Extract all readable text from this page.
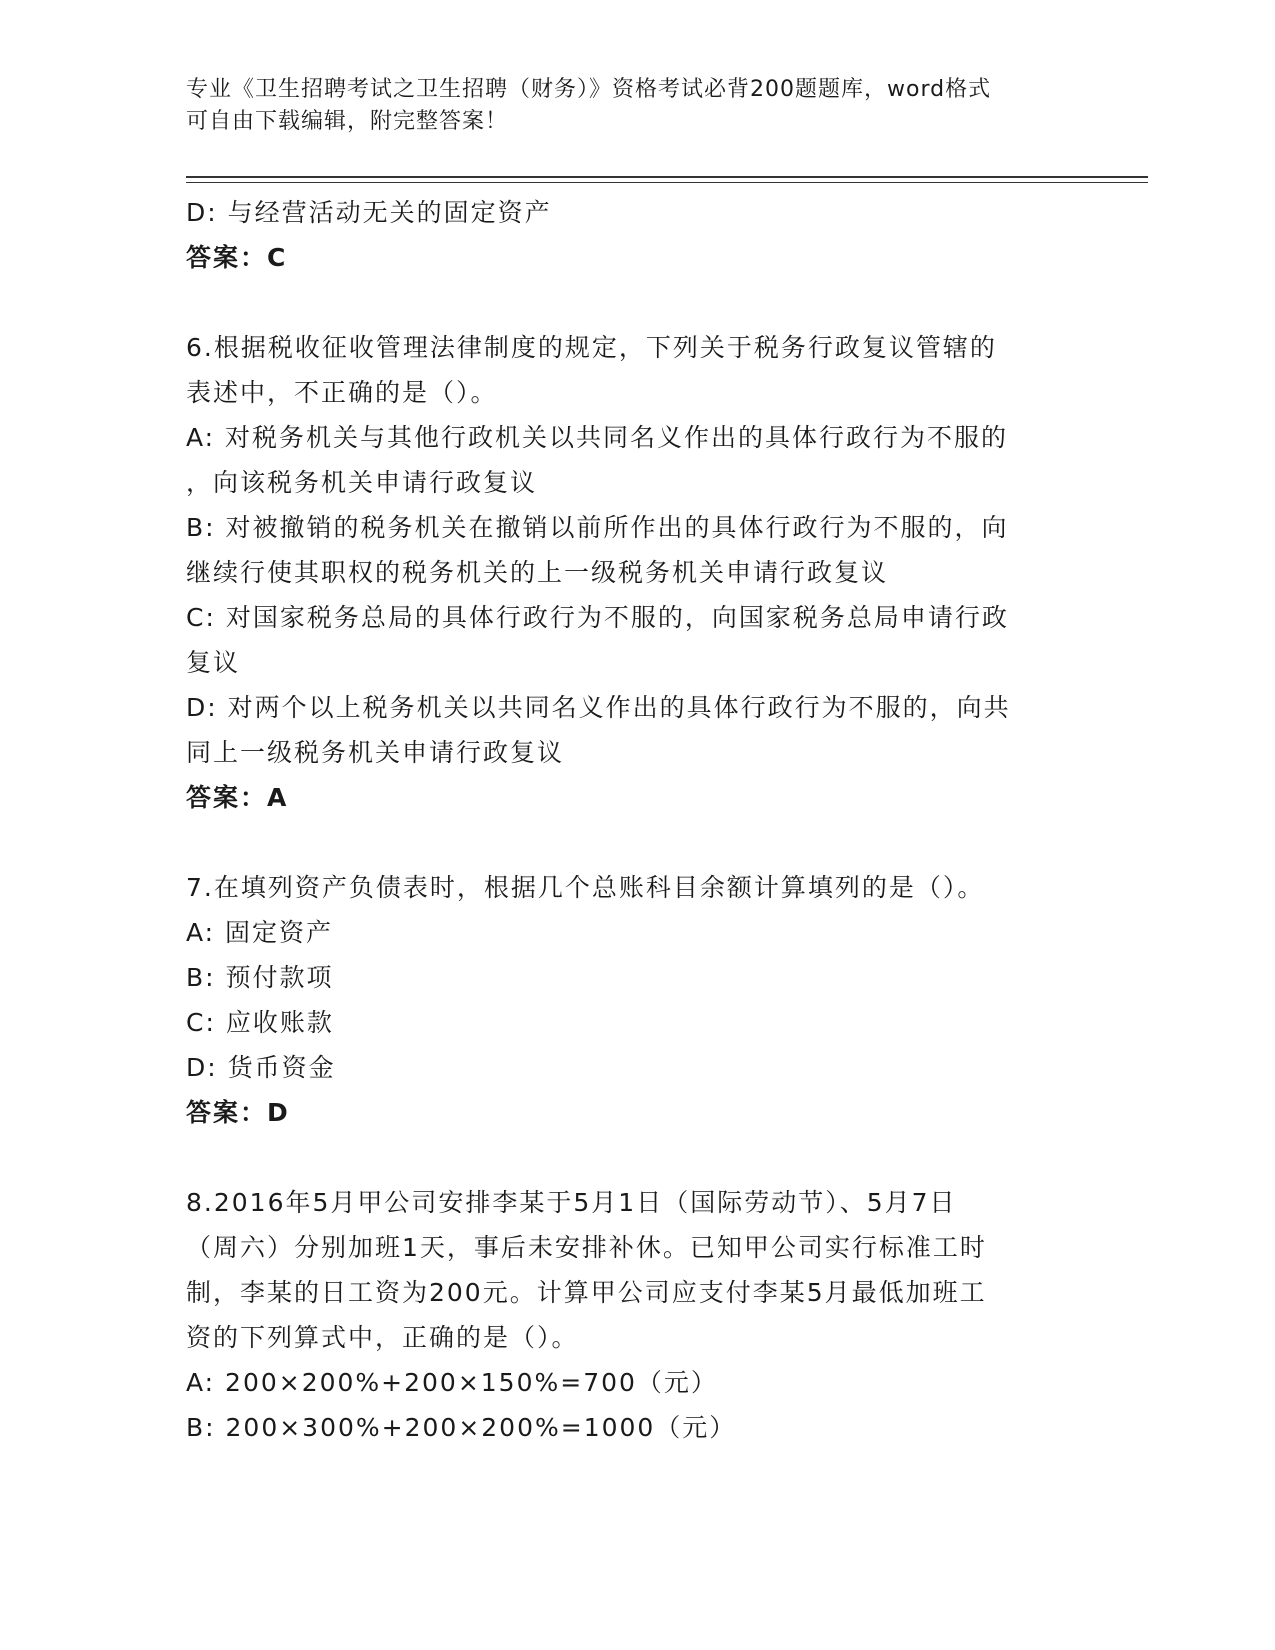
专业《卫生招聘考试之卫生招聘（财务）》资格考试必背200题题库，word格式
可自由下载编辑，附完整答案！
D: 与经营活动无关的固定资产
答案：C
6.根据税收征收管理法律制度的规定，下列关于税务行政复议管辖的
表述中，不正确的是（）。
A: 对税务机关与其他行政机关以共同名义作出的具体行政行为不服的
，向该税务机关申请行政复议
B: 对被撤销的税务机关在撤销以前所作出的具体行政行为不服的，向
继续行使其职权的税务机关的上一级税务机关申请行政复议
C: 对国家税务总局的具体行政行为不服的，向国家税务总局申请行政
复议
D: 对两个以上税务机关以共同名义作出的具体行政行为不服的，向共
同上一级税务机关申请行政复议
答案：A
7.在填列资产负债表时，根据几个总账科目余额计算填列的是（）。
A: 固定资产
B: 预付款项
C: 应收账款
D: 货币资金
答案：D
8.2016年5月甲公司安排李某于5月1日（国际劳动节）、5月7日
（周六）分别加班1天，事后未安排补休。已知甲公司实行标准工时
制，李某的日工资为200元。计算甲公司应支付李某5月最低加班工
资的下列算式中，正确的是（）。
A: 200×200%+200×150%=700（元）
B: 200×300%+200×200%=1000（元）
